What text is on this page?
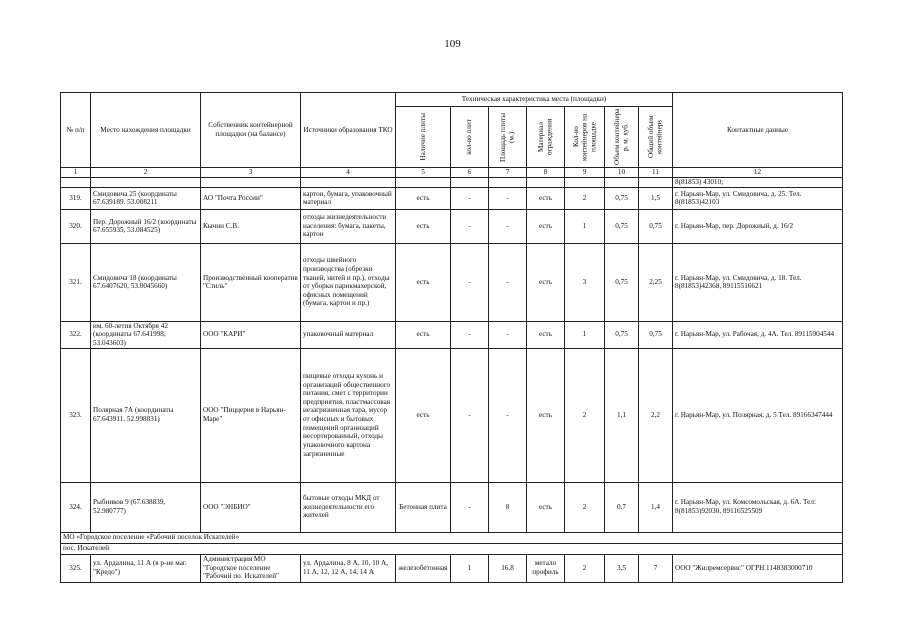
109
№ п/п	Место нахождения площадки	Собственник контейнерной площадки (на балансе)	Источники образования ТКО	Техническая характеристика места (площадки)							Контактные данные

				Наличие плиты	кол-во плит	Площадь плиты (м.)	Материал ограждения	Кол-во контейнеров на площадке	Объем контейнера р. м. куб.	Общий объем контейнерs	

1	2	3	4	5	6	7	8	9	10	11	12
											8(81853) 43010;
319.	Смидовича 25 (координаты 67.639189. 53.008211	АО "Почта России"	картон, бумага, упаковочный материал	есть	-	-	есть	2	0,75	1,5	г. Нарьян-Мар, ул. Смидовича, д. 25. Тел. 8(81853)42103
320.	Пер. Дорожный 16/2 (координаты 67.655935, 53.084525)	Кычин С.В.	отходы жизнедеятельности населения: бумага, пакеты, картон	есть	-	-	есть	1	0,75	0,75	г. Нарьян-Мар, пер. Дорожный, д. 16/2
321.	Смидовича 18 (координаты 67.6407620, 53.0045660)	Производственный кооператив "Стиль"	отходы швейного производства (обрезки тканей, нитей и пр.), отходы от уборки парикмахерской, офисных помещений (бумага, картон и пр.)	есть	-	-	есть	3	0,75	2,25	г. Нарьян-Мар, ул. Смидовича, д. 18. Тел. 8(81853)42368, 89115516621
322.	им. 60-летия Октября 42 (координаты 67.641998, 53.043603)	ООО "КАРИ"	упаковочный материал	есть	-	-	есть	1	0,75	0,75	г. Нарьян-Мар, ул. Рабочая, д. 4А. Тел. 89115904544
323.	Полярная 7А (координаты 67.643911. 52.998831)	ООО "Пиццерия в Нарьян-Маре"	пищевые отходы кухонь и организаций общественного питания, смет с территории предприятия, пластмассовая незагрязненная тара, мусор от офисных и бытовых помещений организаций несортированный, отходы упаковочного картона загрязненные	есть	-	-	есть	2	1,1	2,2	г. Нарьян-Мар, ул. Полярная, д. 5 Тел. 89166347444
324.	Рыбников 9 (67.638839, 52.980777)	ООО "ЭНБИО"	бытовые отходы МКД от жизнедеятельности его жителей	Бетонная плита	-	8	есть	2	0,7	1,4	г. Нарьян-Мар, ул. Комсомольская, д. 6А. Тел: 8(81853)92030, 89116525509
МО «Городское поселение «Рабочий поселок Искателей»											
пос. Искателей											
325.	ул. Ардалина, 11 А (в р-не маг. "Кредо")	Администрация МО "Городское поселение "Рабочий по. Искателей"	ул. Ардалина, 8 А, 10, 10 А, 11 А, 12, 12 А, 14, 14 А	железобетонная	1	16,8	метало профиль	2	3,5	7	ООО "Жилремсервис" ОГРН 1148383000710
